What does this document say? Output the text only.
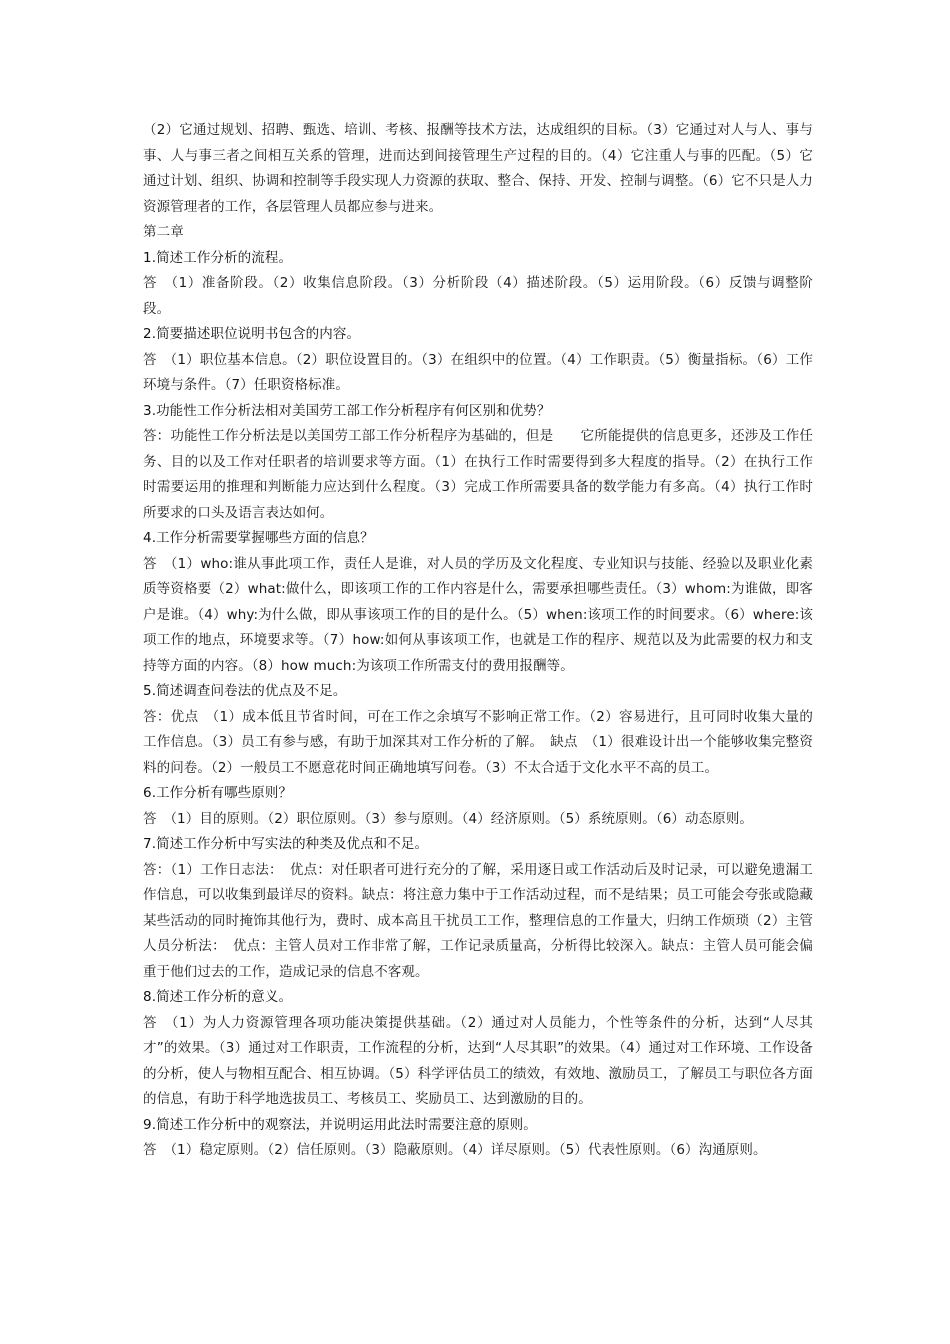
（2）它通过规划、招聘、甄选、培训、考核、报酬等技术方法，达成组织的目标。（3）它通过对人与人、事与事、人与事三者之间相互关系的管理，进而达到间接管理生产过程的目的。（4）它注重人与事的匹配。（5）它通过计划、组织、协调和控制等手段实现人力资源的获取、整合、保持、开发、控制与调整。（6）它不只是人力资源管理者的工作，各层管理人员都应参与进来。

第二章

1.简述工作分析的流程。

答　（1）准备阶段。（2）收集信息阶段。（3）分析阶段（4）描述阶段。（5）运用阶段。（6）反馈与调整阶段。

2.简要描述职位说明书包含的内容。

答　（1）职位基本信息。（2）职位设置目的。（3）在组织中的位置。（4）工作职责。（5）衡量指标。（6）工作环境与条件。（7）任职资格标准。

3.功能性工作分析法相对美国劳工部工作分析程序有何区别和优势？

答：功能性工作分析法是以美国劳工部工作分析程序为基础的，但是　　它所能提供的信息更多，还涉及工作任务、目的以及工作对任职者的培训要求等方面。（1）在执行工作时需要得到多大程度的指导。（2）在执行工作时需要运用的推理和判断能力应达到什么程度。（3）完成工作所需要具备的数学能力有多高。（4）执行工作时所要求的口头及语言表达如何。

4.工作分析需要掌握哪些方面的信息？

答　（1）who:谁从事此项工作，责任人是谁，对人员的学历及文化程度、专业知识与技能、经验以及职业化素质等资格要（2）what:做什么，即该项工作的工作内容是什么，需要承担哪些责任。（3）whom:为谁做，即客户是谁。（4）why:为什么做，即从事该项工作的目的是什么。（5）when:该项工作的时间要求。（6）where:该项工作的地点，环境要求等。（7）how:如何从事该项工作，也就是工作的程序、规范以及为此需要的权力和支持等方面的内容。（8）how much:为该项工作所需支付的费用报酬等。

5.简述调查问卷法的优点及不足。

答：优点　（1）成本低且节省时间，可在工作之余填写不影响正常工作。（2）容易进行，且可同时收集大量的工作信息。（3）员工有参与感，有助于加深其对工作分析的了解。　缺点　（1）很难设计出一个能够收集完整资料的问卷。（2）一般员工不愿意花时间正确地填写问卷。（3）不太合适于文化水平不高的员工。

6.工作分析有哪些原则？

答　（1）目的原则。（2）职位原则。（3）参与原则。（4）经济原则。（5）系统原则。（6）动态原则。

7.简述工作分析中写实法的种类及优点和不足。

答：（1）工作日志法：　优点：对任职者可进行充分的了解，采用逐日或工作活动后及时记录，可以避免遗漏工作信息，可以收集到最详尽的资料。缺点：将注意力集中于工作活动过程，而不是结果；员工可能会夸张或隐藏某些活动的同时掩饰其他行为，费时、成本高且干扰员工工作，整理信息的工作量大，归纳工作烦琐（2）主管人员分析法：　优点：主管人员对工作非常了解，工作记录质量高，分析得比较深入。缺点：主管人员可能会偏重于他们过去的工作，造成记录的信息不客观。

8.简述工作分析的意义。

答　（1）为人力资源管理各项功能决策提供基础。（2）通过对人员能力，个性等条件的分析，达到“人尽其才”的效果。（3）通过对工作职责，工作流程的分析，达到“人尽其职”的效果。（4）通过对工作环境、工作设备的分析，使人与物相互配合、相互协调。（5）科学评估员工的绩效，有效地、激励员工，了解员工与职位各方面的信息，有助于科学地选拔员工、考核员工、奖励员工、达到激励的目的。

9.简述工作分析中的观察法，并说明运用此法时需要注意的原则。

答　（1）稳定原则。（2）信任原则。（3）隐蔽原则。（4）详尽原则。（5）代表性原则。（6）沟通原则。
